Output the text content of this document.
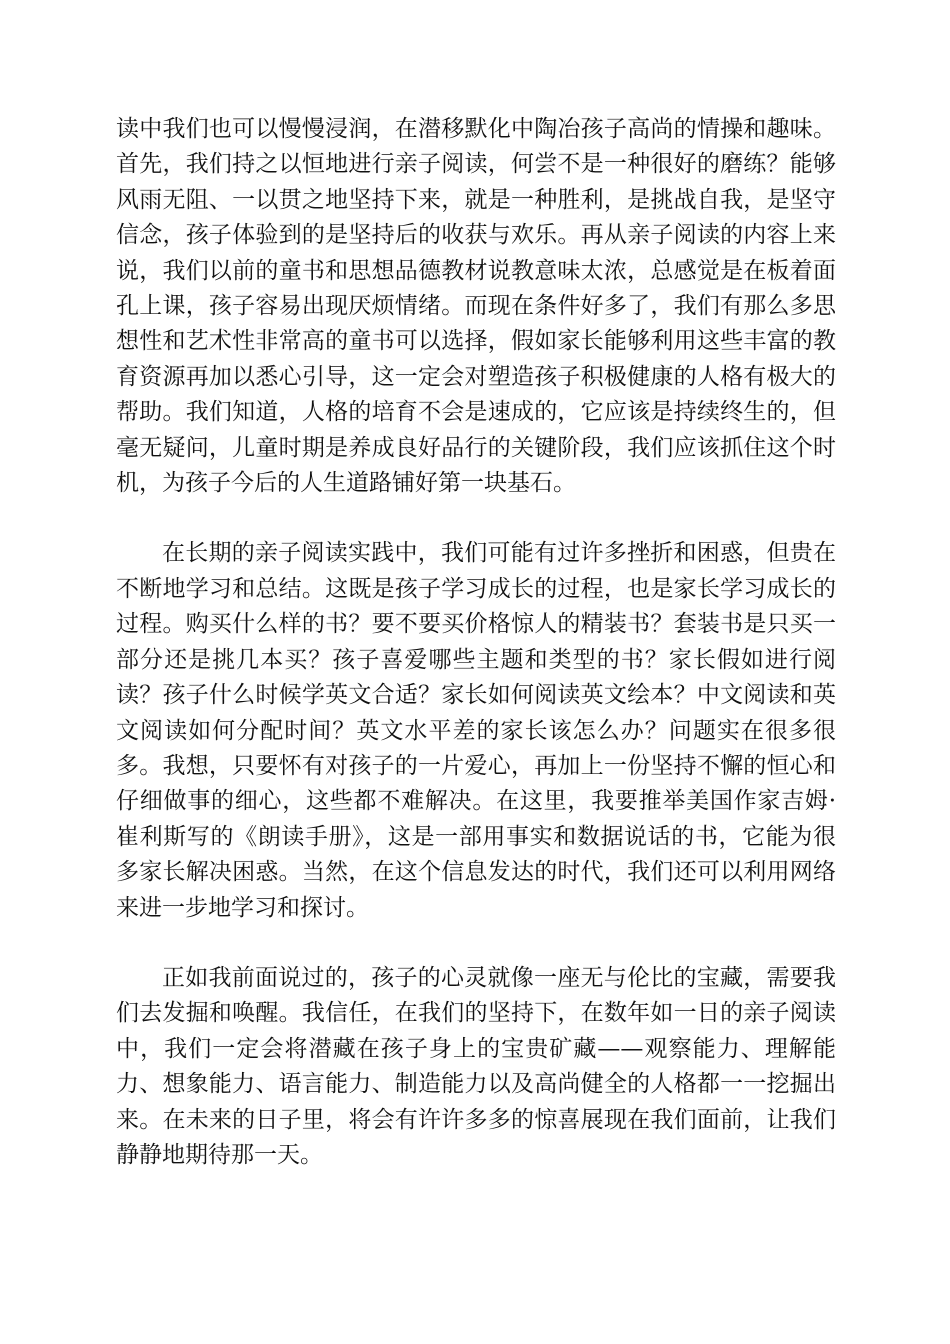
读中我们也可以慢慢浸润，在潜移默化中陶冶孩子高尚的情操和趣味。首先，我们持之以恒地进行亲子阅读，何尝不是一种很好的磨练？能够风雨无阻、一以贯之地坚持下来，就是一种胜利，是挑战自我，是坚守信念，孩子体验到的是坚持后的收获与欢乐。再从亲子阅读的内容上来说，我们以前的童书和思想品德教材说教意味太浓，总感觉是在板着面孔上课，孩子容易出现厌烦情绪。而现在条件好多了，我们有那么多思想性和艺术性非常高的童书可以选择，假如家长能够利用这些丰富的教育资源再加以悉心引导，这一定会对塑造孩子积极健康的人格有极大的帮助。我们知道，人格的培育不会是速成的，它应该是持续终生的，但毫无疑问，儿童时期是养成良好品行的关键阶段，我们应该抓住这个时机，为孩子今后的人生道路铺好第一块基石。

在长期的亲子阅读实践中，我们可能有过许多挫折和困惑，但贵在不断地学习和总结。这既是孩子学习成长的过程，也是家长学习成长的过程。购买什么样的书？要不要买价格惊人的精装书？套装书是只买一部分还是挑几本买？孩子喜爱哪些主题和类型的书？家长假如进行阅读？孩子什么时候学英文合适？家长如何阅读英文绘本？中文阅读和英文阅读如何分配时间？英文水平差的家长该怎么办？问题实在很多很多。我想，只要怀有对孩子的一片爱心，再加上一份坚持不懈的恒心和仔细做事的细心，这些都不难解决。在这里，我要推举美国作家吉姆·崔利斯写的《朗读手册》，这是一部用事实和数据说话的书，它能为很多家长解决困惑。当然，在这个信息发达的时代，我们还可以利用网络来进一步地学习和探讨。

正如我前面说过的，孩子的心灵就像一座无与伦比的宝藏，需要我们去发掘和唤醒。我信任，在我们的坚持下，在数年如一日的亲子阅读中，我们一定会将潜藏在孩子身上的宝贵矿藏——观察能力、理解能力、想象能力、语言能力、制造能力以及高尚健全的人格都一一挖掘出来。在未来的日子里，将会有许许多多的惊喜展现在我们面前，让我们静静地期待那一天。
